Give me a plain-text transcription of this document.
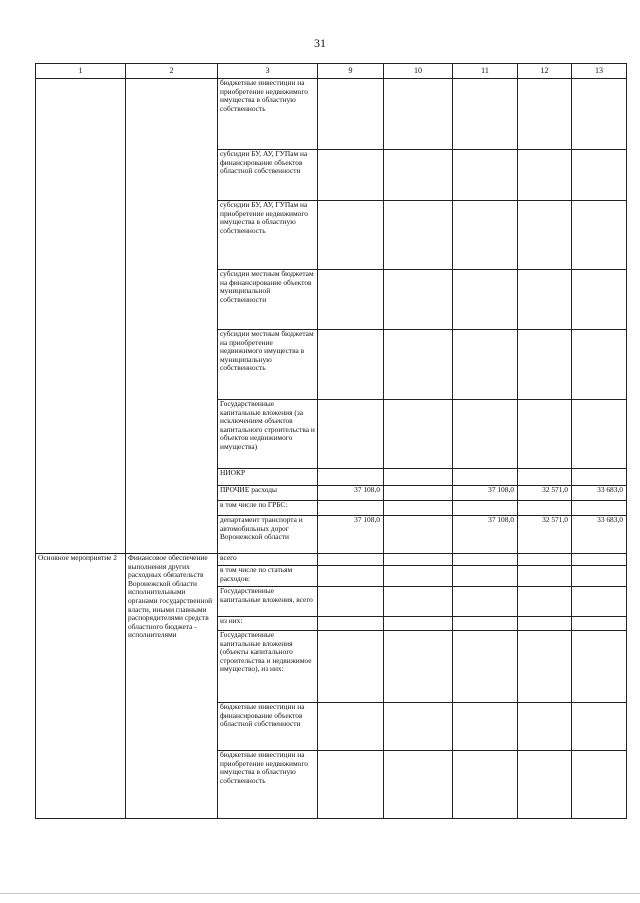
31
1	2	3	9	10	11	12	13
		бюджетные инвестиции на приобретение недвижимого имущества в областную собственность					
		субсидии БУ, АУ, ГУПам на финансирование объектов областной собственности					
		субсидии БУ, АУ, ГУПам на приобретение недвижимого имущества в областную собственность					
		субсидии местным бюджетам на финансирование объектов муниципальной собственности					
		субсидии местным бюджетам на приобретение недвижимого имущества в муниципальную собственность					
		Государственные капитальные вложения (за исключением объектов капитального строительства и объектов недвижимого имущества)					
		НИОКР					
		ПРОЧИЕ расходы	37 108,0		37 108,0	32 571,0	33 683,0
		в том числе по ГРБС:					
		департамент транспорта и автомобильных дорог Воронежской области	37 108,0		37 108,0	32 571,0	33 683,0
Основное мероприятие 2	Финансовое обеспечение выполнения других расходных обязательств Воронежской области исполнительными органами государственной власти, иными главными распорядителями средств областного бюджета - исполнителями	всего					
		в том числе по статьям расходов:					
		Государственные капитальные вложения, всего					
		из них:					
		Государственные капитальные вложения (объекты капитального строительства и недвижимое имущество), из них:					
		бюджетные инвестиции на финансирование объектов областной собственности					
		бюджетные инвестиции на приобретение недвижимого имущества в областную собственность					
